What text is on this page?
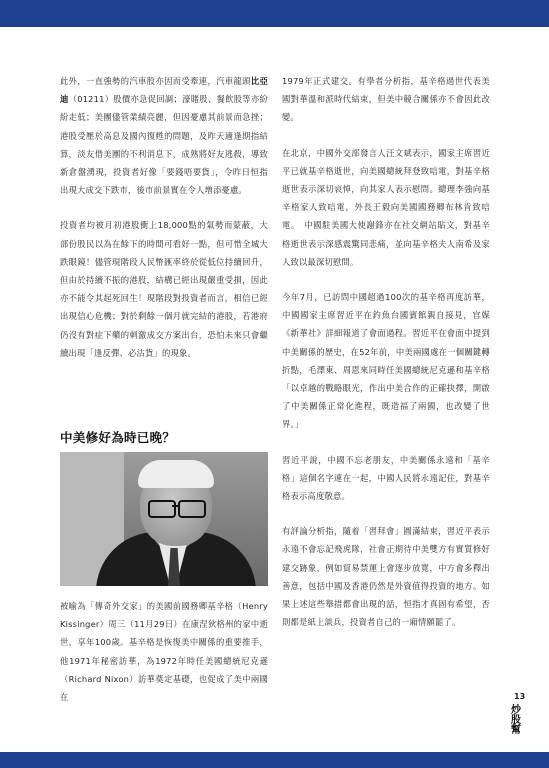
此外，一直強勢的汽車股亦因而受牽連，汽車龍頭比亞迪（01211）股價亦急促回調；濠賭股、餐飲股等亦紛紛走低；美團儘管業績亮麗，但因憂慮其前景而急挫；港股受壓於高息及國內復甦的問題，及昨天適逢期指結算，淡友借美團的不利消息下，成熟將好友逃殺，導致新倉盤湧現，投資者好像「要錢唔要貨」，令昨日恒指出現大成交下跌市，後市前景實在令人增添憂慮。

投資者均被月初港股衝上18,000點的氣勢而蒙蔽，大部份股民以為在餘下的時間可看好一點，但可惜全城大跌眼鏡！儘管現階段人民幣匯率終於從低位持續回升，但由於持續不振的港股，結構已經出現嚴重受損，因此亦不能令其起死回生！現階段對投資者而言，相信已經出現信心危機；對於剩餘一個月就完結的港股，若港府仍沒有對症下藥的刺激成交方案出台，恐怕未來只會繼續出現「逢反彈、必沽貨」的現象。

中美修好為時已晚？

被喻為「傳奇外交家」的美國前國務卿基辛格（Henry Kissinger）周三（11月29日）在康涅狄格州的家中逝世，享年100歲。基辛格是恢復美中關係的重要推手，他1971年秘密訪華，為1972年時任美國總統尼克遜（Richard Nixon）訪華奠定基礎，也促成了美中兩國在

1979年正式建交。有學者分析指，基辛格過世代表美國對華溫和派時代結束，但美中競合關係亦不會因此改變。

在北京，中國外交部發言人汪文斌表示，國家主席習近平已就基辛格逝世，向美國總統拜登致唁電，對基辛格逝世表示深切哀悼，向其家人表示慰問。總理李強向基辛格家人致唁電，外長王毅向美國國務卿布林肯致唁電。　中國駐美國大使謝鋒亦在社交網站貼文，對基辛格逝世表示深感震驚同悲痛，並向基辛格夫人南希及家人致以最深切慰問。

今年7月，已訪問中國超過100次的基辛格再度訪華，中國國家主席習近平在釣魚台國賓館親自接見，官媒《新華社》詳細報道了會面過程。習近平在會面中提到中美關係的歷史，在52年前，中美兩國處在一個關鍵轉折點，毛澤東、周恩來同時任美國總統尼克遜和基辛格「以卓越的戰略眼光，作出中美合作的正確抉擇，開啟了中美關係正常化進程，既造福了兩國，也改變了世界。」

習近平說，中國不忘老朋友，中美關係永遠和「基辛格」這個名字連在一起，中國人民將永遠記住，對基辛格表示高度敬意。

有評論分析指，隨着「習拜會」圓滿結束，習近平表示永遠不會忘記飛虎隊，社會正期待中美雙方有實質修好建交跡象，例如貿易禁運上會逐步放寬，中方會多釋出善意，包括中國及香港仍然是外資值得投資的地方。如果上述這些舉措都會出現的話，恒指才真固有希望，否則都是紙上談兵，投資者自己的一廂情願罷了。

13
炒股幫
